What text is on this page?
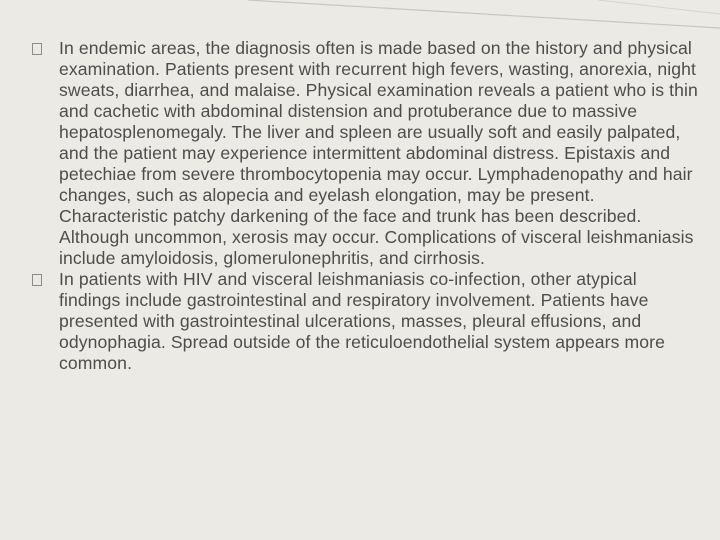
In endemic areas, the diagnosis often is made based on the history and physical examination. Patients present with recurrent high fevers, wasting, anorexia, night sweats, diarrhea, and malaise. Physical examination reveals a patient who is thin and cachetic with abdominal distension and protuberance due to massive hepatosplenomegaly. The liver and spleen are usually soft and easily palpated, and the patient may experience intermittent abdominal distress. Epistaxis and petechiae from severe thrombocytopenia may occur. Lymphadenopathy and hair changes, such as alopecia and eyelash elongation, may be present. Characteristic patchy darkening of the face and trunk has been described. Although uncommon, xerosis may occur. Complications of visceral leishmaniasis include amyloidosis, glomerulonephritis, and cirrhosis.
In patients with HIV and visceral leishmaniasis co-infection, other atypical findings include gastrointestinal and respiratory involvement. Patients have presented with gastrointestinal ulcerations, masses, pleural effusions, and odynophagia. Spread outside of the reticuloendothelial system appears more common.
